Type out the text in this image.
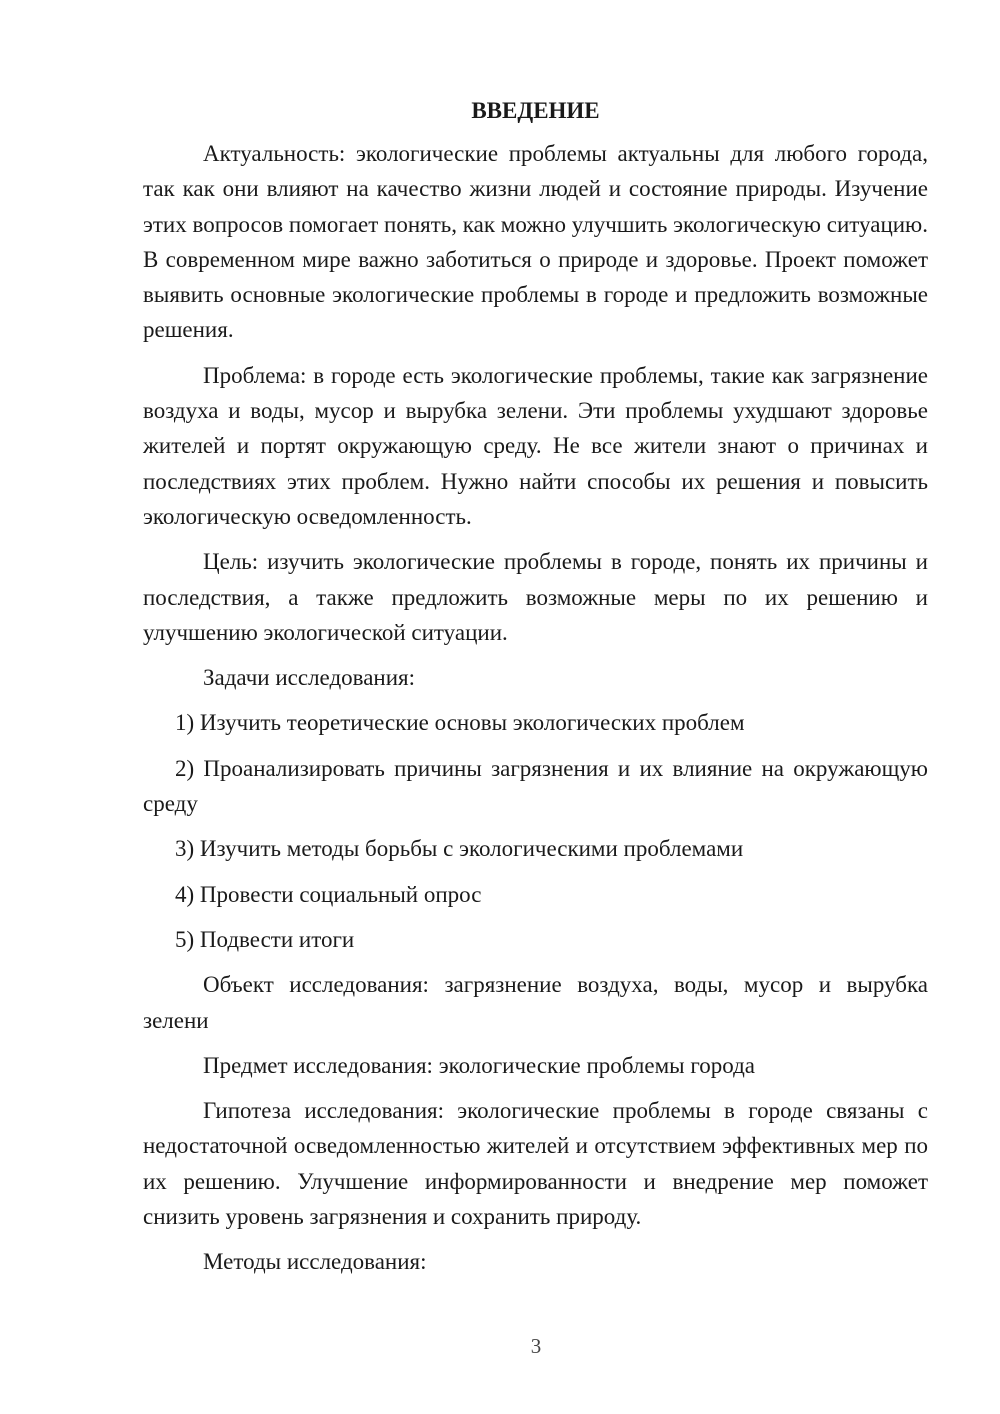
ВВЕДЕНИЕ

Актуальность: экологические проблемы актуальны для любого города, так как они влияют на качество жизни людей и состояние природы. Изучение этих вопросов помогает понять, как можно улучшить экологическую ситуацию. В современном мире важно заботиться о природе и здоровье. Проект поможет выявить основные экологические проблемы в городе и предложить возможные решения.

Проблема: в городе есть экологические проблемы, такие как загрязнение воздуха и воды, мусор и вырубка зелени. Эти проблемы ухудшают здоровье жителей и портят окружающую среду. Не все жители знают о причинах и последствиях этих проблем. Нужно найти способы их решения и повысить экологическую осведомленность.

Цель: изучить экологические проблемы в городе, понять их причины и последствия, а также предложить возможные меры по их решению и улучшению экологической ситуации.

Задачи исследования:

1) Изучить теоретические основы экологических проблем

2) Проанализировать причины загрязнения и их влияние на окружающую среду

3) Изучить методы борьбы с экологическими проблемами

4) Провести социальный опрос

5) Подвести итоги

Объект исследования: загрязнение воздуха, воды, мусор и вырубка зелени

Предмет исследования: экологические проблемы города

Гипотеза исследования: экологические проблемы в городе связаны с недостаточной осведомленностью жителей и отсутствием эффективных мер по их решению. Улучшение информированности и внедрение мер поможет снизить уровень загрязнения и сохранить природу.

Методы исследования:

3
